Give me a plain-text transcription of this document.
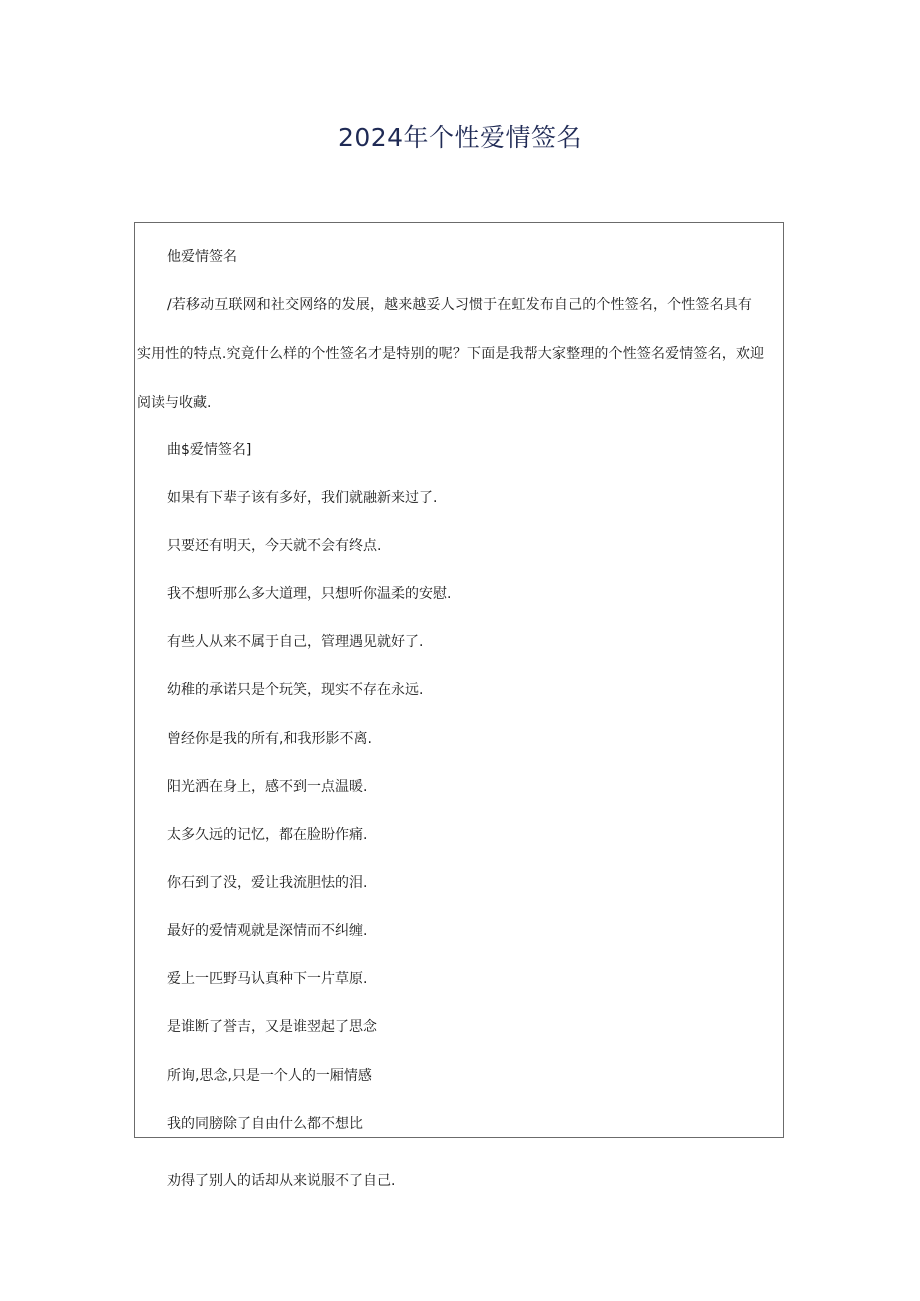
2024年个性爱情签名
他爱情签名
/若移动互联网和社交网络的发展，越来越妥人习惯于在虹发布自己的个性签名，个性签名具有
实用性的特点.究竟什么样的个性签名才是特别的呢？下面是我帮大家整理的个性签名爱情签名，欢迎
阅读与收藏.
曲$爱情签名]
如果有下辈子该有多好，我们就融新来过了.
只要还有明天，今天就不会有终点.
我不想听那么多大道理，只想听你温柔的安慰.
有些人从来不属于自己，管理遇见就好了.
幼稚的承诺只是个玩笑，现实不存在永远.
曾经你是我的所有,和我形影不离.
阳光洒在身上，感不到一点温暖.
太多久远的记忆，都在脸盼作痛.
你石到了没，爱让我流胆怯的泪.
最好的爱情观就是深情而不纠缠.
爱上一匹野马认真种下一片草原.
是谁断了誉吉，又是谁翌起了思念
所询,思念,只是一个人的一厢情感
我的同膀除了自由什么都不想比
劝得了别人的话却从来说服不了自己.
